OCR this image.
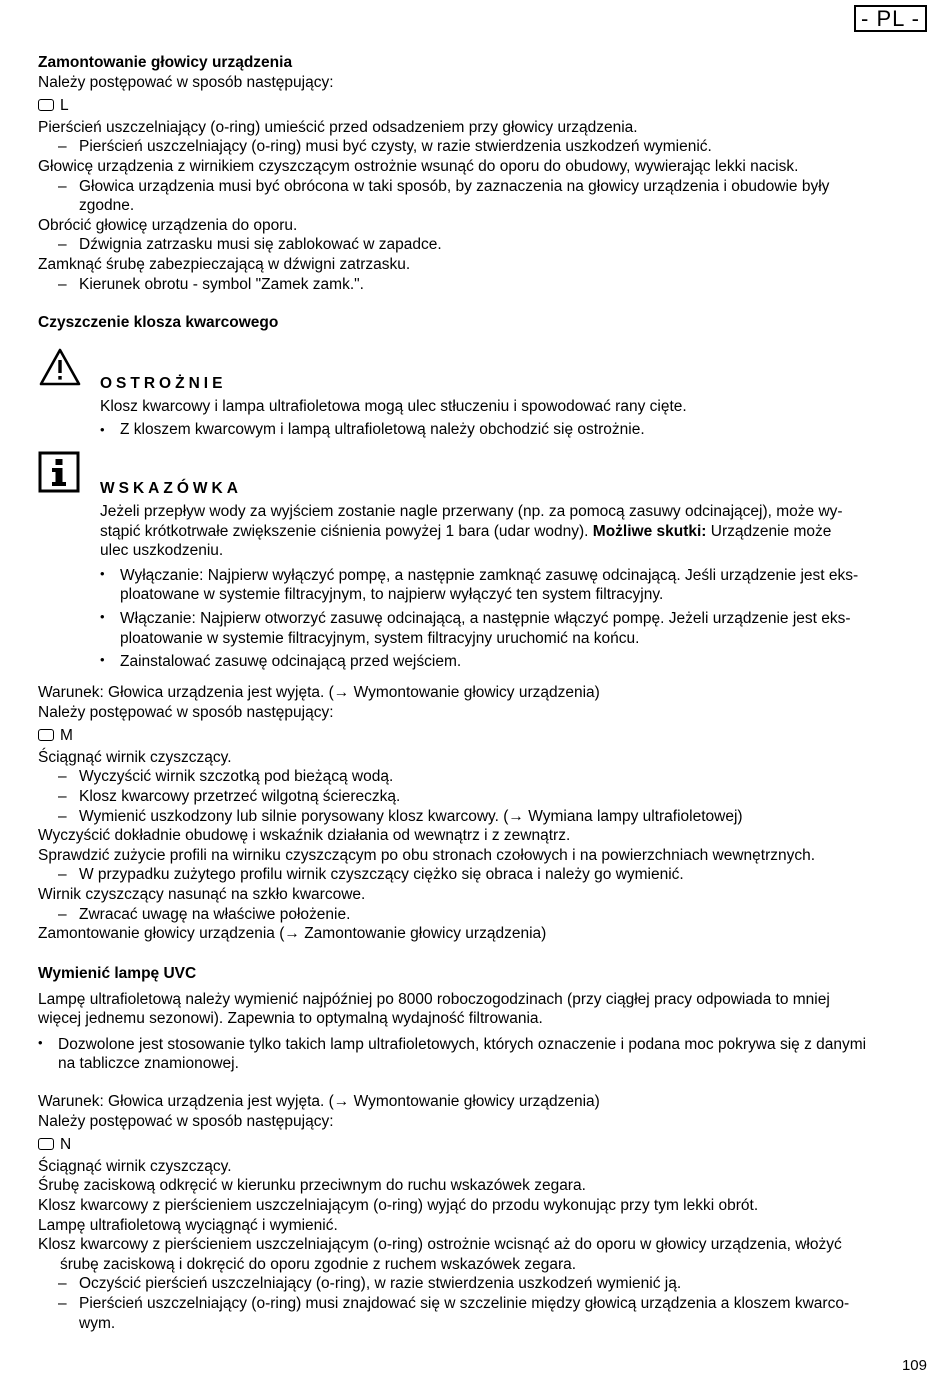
- PL -
Zamontowanie głowicy urządzenia
Należy postępować w sposób następujący:
L
Pierścień uszczelniający (o-ring) umieścić przed odsadzeniem przy głowicy urządzenia.
– Pierścień uszczelniający (o-ring) musi być czysty, w razie stwierdzenia uszkodzeń wymienić.
Głowicę urządzenia z wirnikiem czyszczącym ostrożnie wsunąć do oporu do obudowy, wywierając lekki nacisk.
– Głowica urządzenia musi być obrócona w taki sposób, by zaznaczenia na głowicy urządzenia i obudowie były
zgodne.
Obrócić głowicę urządzenia do oporu.
– Dźwignia zatrzasku musi się zablokować w zapadce.
Zamknąć śrubę zabezpieczającą w dźwigni zatrzasku.
– Kierunek obrotu - symbol "Zamek zamk.".
Czyszczenie klosza kwarcowego
OSTROŻNIE
Klosz kwarcowy i lampa ultrafioletowa mogą ulec stłuczeniu i spowodować rany cięte.
• Z kloszem kwarcowym i lampą ultrafioletową należy obchodzić się ostrożnie.
WSKAZÓWKA
Jeżeli przepływ wody za wyjściem zostanie nagle przerwany (np. za pomocą zasuwy odcinającej), może wy-
stąpić krótkotrwałe zwiększenie ciśnienia powyżej 1 bara (udar wodny). Możliwe skutki: Urządzenie może
ulec uszkodzeniu.
• Wyłączanie: Najpierw wyłączyć pompę, a następnie zamknąć zasuwę odcinającą. Jeśli urządzenie jest eks-
ploatowane w systemie filtracyjnym, to najpierw wyłączyć ten system filtracyjny.
• Włączanie: Najpierw otworzyć zasuwę odcinającą, a następnie włączyć pompę. Jeżeli urządzenie jest eks-
ploatowanie w systemie filtracyjnym, system filtracyjny uruchomić na końcu.
• Zainstalować zasuwę odcinającą przed wejściem.
Warunek: Głowica urządzenia jest wyjęta. (→ Wymontowanie głowicy urządzenia)
Należy postępować w sposób następujący:
M
Ściągnąć wirnik czyszczący.
– Wyczyścić wirnik szczotką pod bieżącą wodą.
– Klosz kwarcowy przetrzeć wilgotną ściereczką.
– Wymienić uszkodzony lub silnie porysowany klosz kwarcowy. (→ Wymiana lampy ultrafioletowej)
Wyczyścić dokładnie obudowę i wskaźnik działania od wewnątrz i z zewnątrz.
Sprawdzić zużycie profili na wirniku czyszczącym po obu stronach czołowych i na powierzchniach wewnętrznych.
– W przypadku zużytego profilu wirnik czyszczący ciężko się obraca i należy go wymienić.
Wirnik czyszczący nasunąć na szkło kwarcowe.
– Zwracać uwagę na właściwe położenie.
Zamontowanie głowicy urządzenia (→ Zamontowanie głowicy urządzenia)
Wymienić lampę UVC
Lampę ultrafioletową należy wymienić najpóźniej po 8000 roboczogodzinach (przy ciągłej pracy odpowiada to mniej
więcej jednemu sezonowi). Zapewnia to optymalną wydajność filtrowania.
• Dozwolone jest stosowanie tylko takich lamp ultrafioletowych, których oznaczenie i podana moc pokrywa się z danymi
na tabliczce znamionowej.
Warunek: Głowica urządzenia jest wyjęta. (→ Wymontowanie głowicy urządzenia)
Należy postępować w sposób następujący:
N
Ściągnąć wirnik czyszczący.
Śrubę zaciskową odkręcić w kierunku przeciwnym do ruchu wskazówek zegara.
Klosz kwarcowy z pierścieniem uszczelniającym (o-ring) wyjąć do przodu wykonując przy tym lekki obrót.
Lampę ultrafioletową wyciągnąć i wymienić.
Klosz kwarcowy z pierścieniem uszczelniającym (o-ring) ostrożnie wcisnąć aż do oporu w głowicy urządzenia, włożyć
śrubę zaciskową i dokręcić do oporu zgodnie z ruchem wskazówek zegara.
– Oczyścić pierścień uszczelniający (o-ring), w razie stwierdzenia uszkodzeń wymienić ją.
– Pierścień uszczelniający (o-ring) musi znajdować się w szczelinie między głowicą urządzenia a kloszem kwarco-
wym.
109
